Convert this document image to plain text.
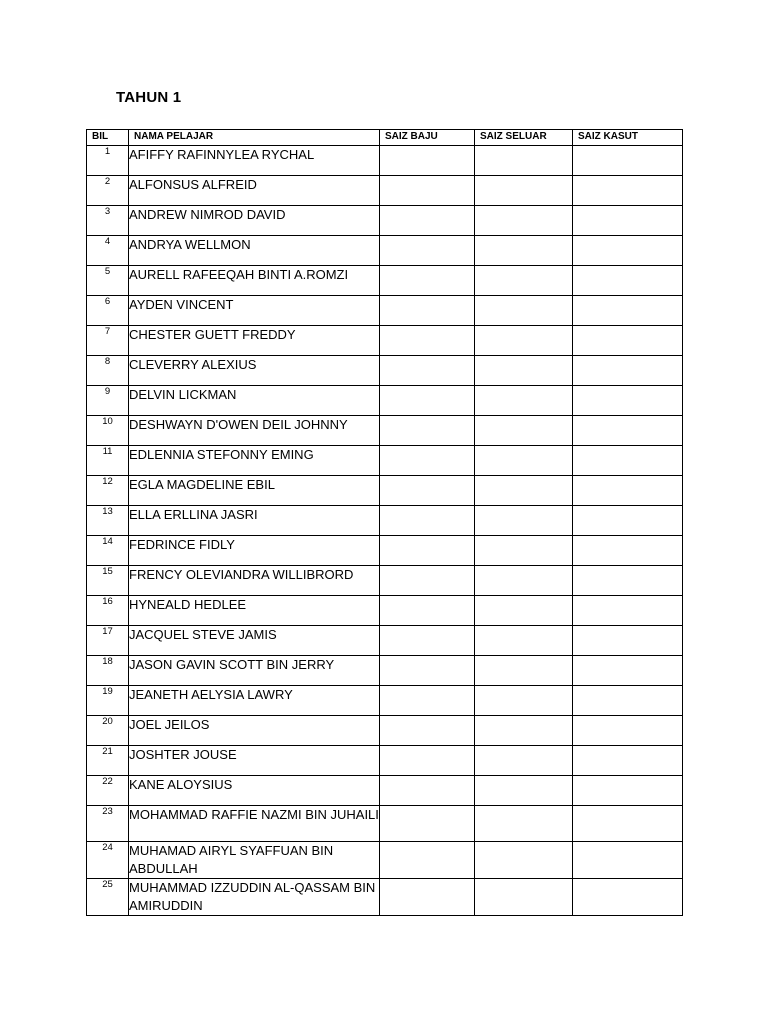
TAHUN 1
BIL	NAMA PELAJAR	SAIZ BAJU	SAIZ SELUAR	SAIZ KASUT
1	AFIFFY RAFINNYLEA RYCHAL			
2	ALFONSUS ALFREID			
3	ANDREW NIMROD DAVID			
4	ANDRYA WELLMON			
5	AURELL RAFEEQAH BINTI A.ROMZI			
6	AYDEN VINCENT			
7	CHESTER GUETT FREDDY			
8	CLEVERRY ALEXIUS			
9	DELVIN LICKMAN			
10	DESHWAYN D'OWEN DEIL JOHNNY			
11	EDLENNIA STEFONNY EMING			
12	EGLA MAGDELINE EBIL			
13	ELLA ERLLINA JASRI			
14	FEDRINCE FIDLY			
15	FRENCY OLEVIANDRA WILLIBRORD			
16	HYNEALD HEDLEE			
17	JACQUEL STEVE JAMIS			
18	JASON GAVIN SCOTT BIN JERRY			
19	JEANETH AELYSIA LAWRY			
20	JOEL JEILOS			
21	JOSHTER JOUSE			
22	KANE ALOYSIUS			
23	MOHAMMAD RAFFIE NAZMI BIN JUHAILI			
24	MUHAMAD AIRYL SYAFFUAN BIN ABDULLAH			
25	MUHAMMAD IZZUDDIN AL-QASSAM BIN AMIRUDDIN			
